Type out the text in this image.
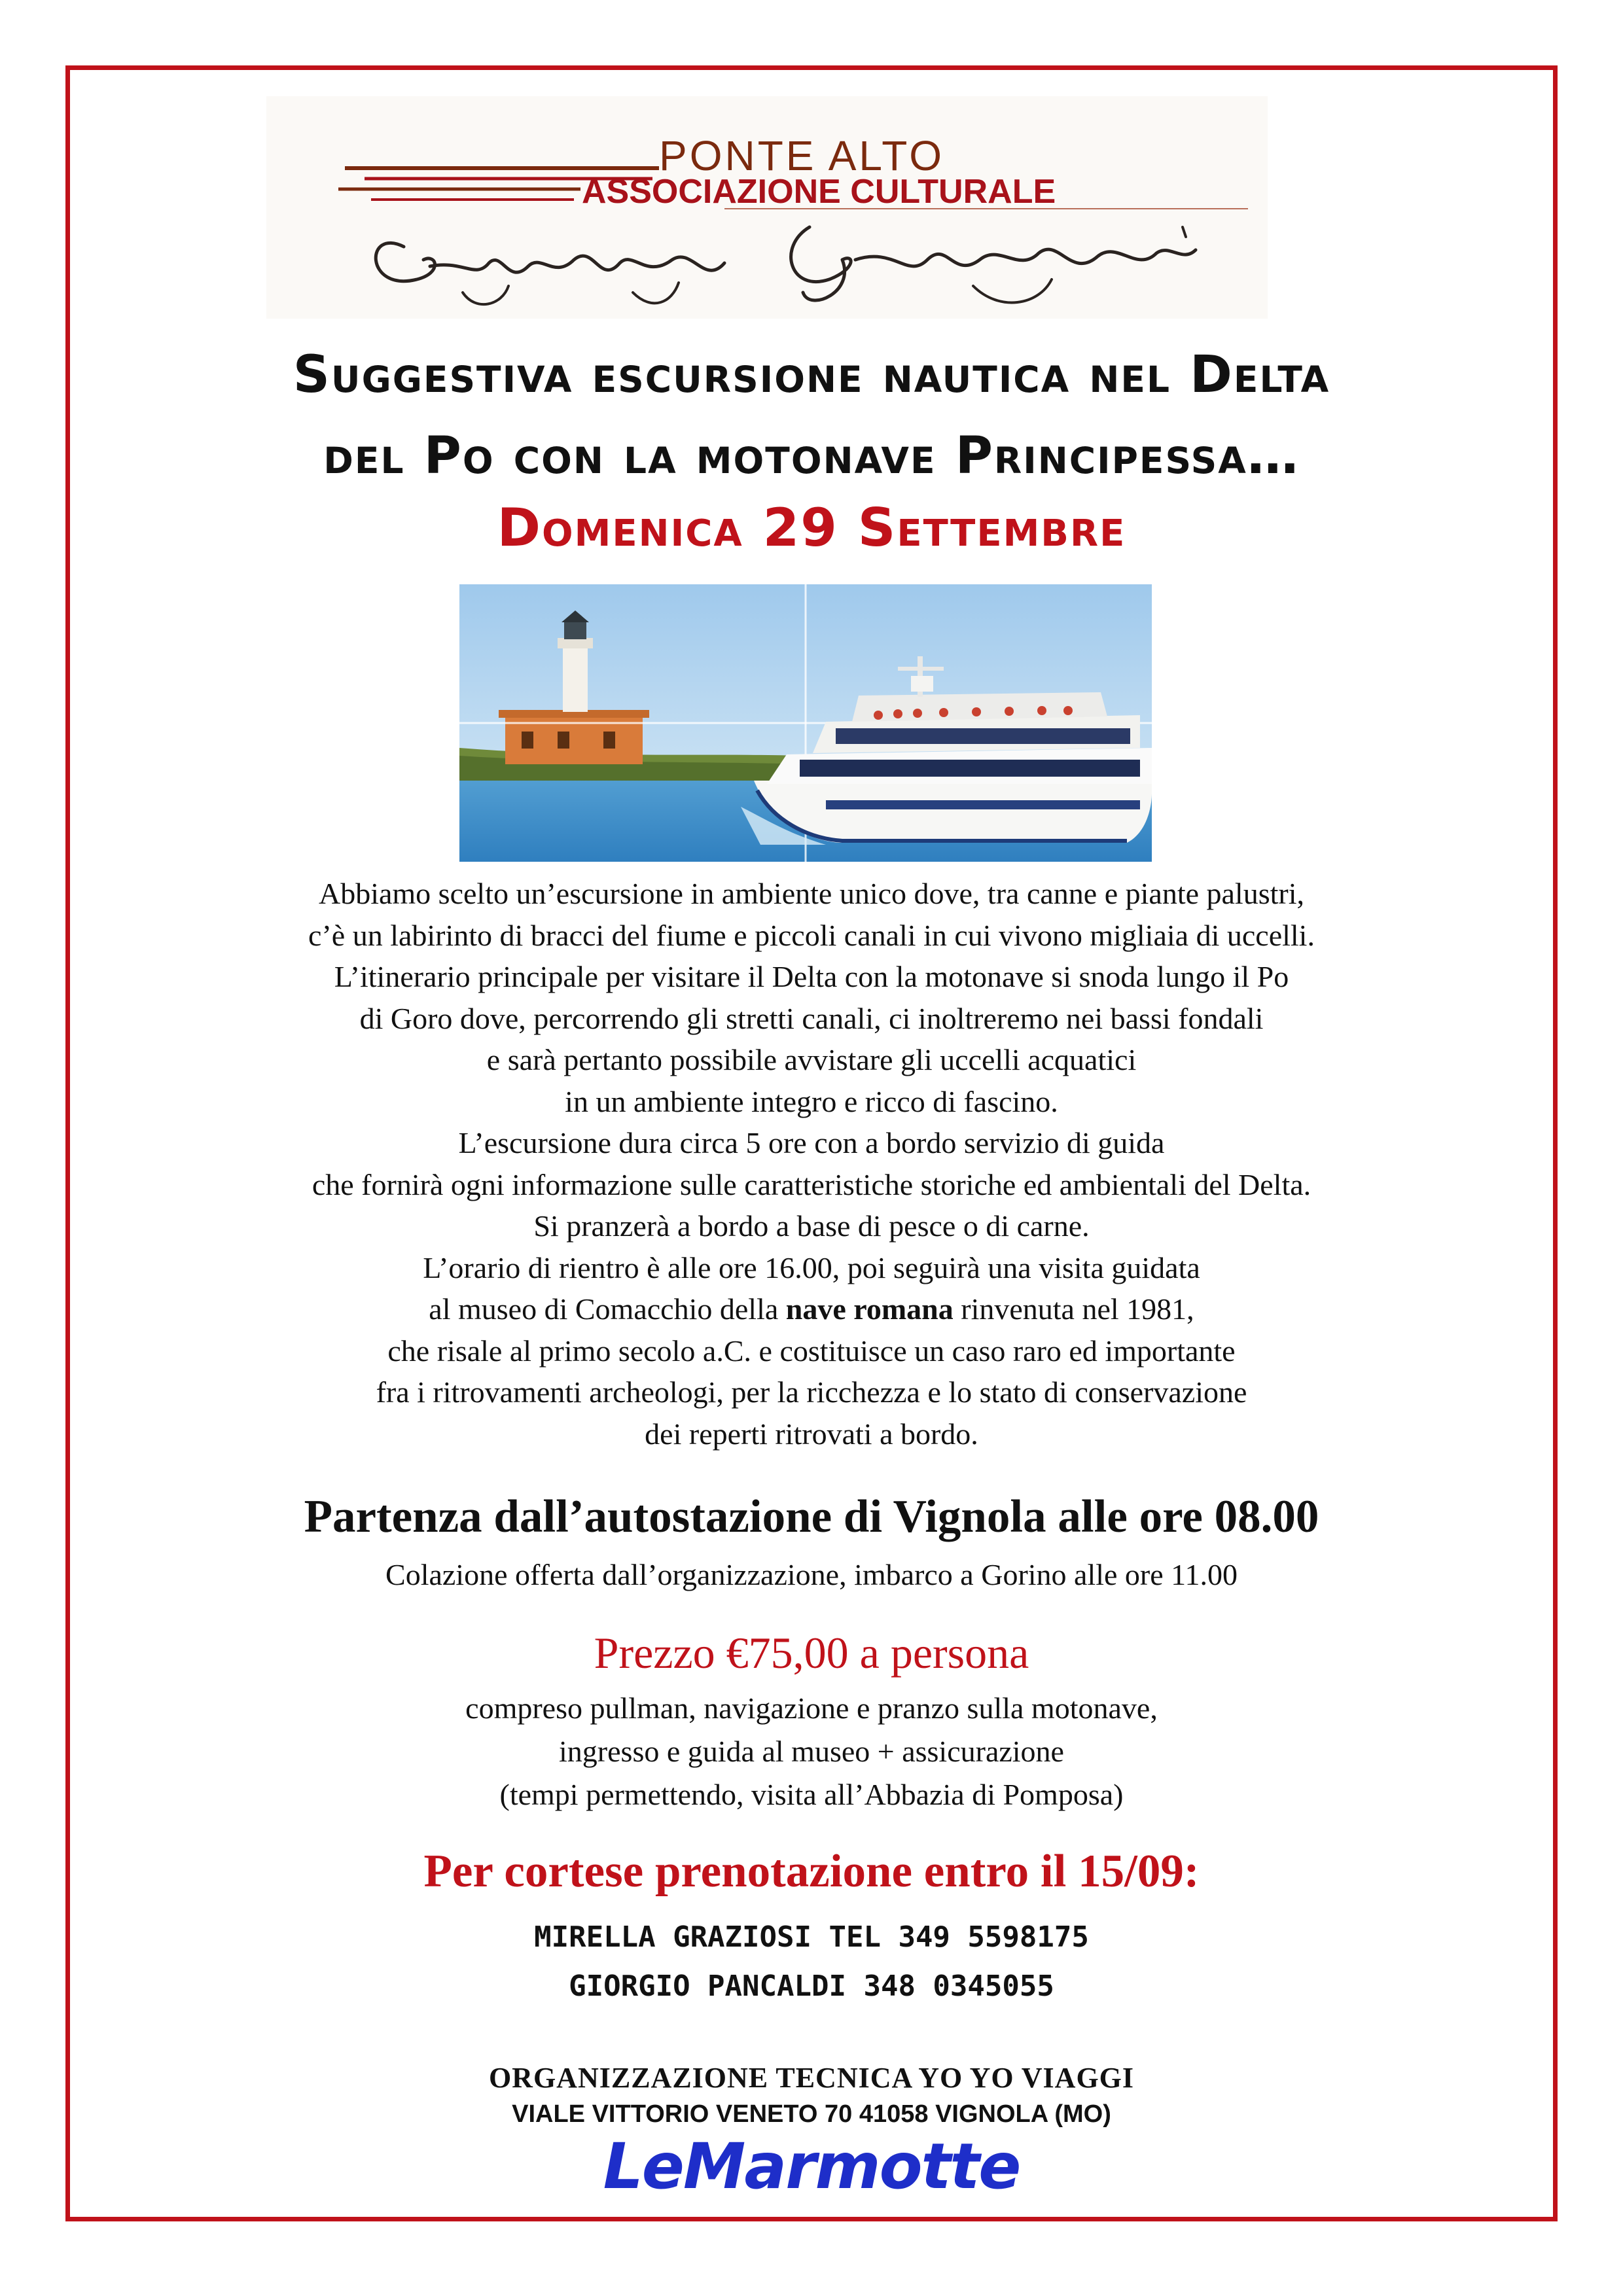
PONTE ALTO
ASSOCIAZIONE CULTURALE
Suggestiva escursione nautica nel Delta
del Po con la motonave Principessa…
Domenica 29 Settembre

Abbiamo scelto un’escursione in ambiente unico dove, tra canne e piante palustri,

c’è un labirinto di bracci del fiume e piccoli canali in cui vivono migliaia di uccelli.

L’itinerario principale per visitare il Delta con la motonave si snoda lungo il Po

di Goro dove, percorrendo gli stretti canali, ci inoltreremo nei bassi fondali

e sarà pertanto possibile avvistare gli uccelli acquatici

in un ambiente integro e ricco di fascino.

L’escursione dura circa 5 ore con a bordo servizio di guida

che fornirà ogni informazione sulle caratteristiche storiche ed ambientali del Delta.

Si pranzerà a bordo a base di pesce o di carne.

L’orario di rientro è alle ore 16.00, poi seguirà una visita guidata

al museo di Comacchio della nave romana rinvenuta nel 1981,

che risale al primo secolo a.C. e costituisce un caso raro ed importante

fra i ritrovamenti archeologi, per la ricchezza e lo stato di conservazione

dei reperti ritrovati a bordo.

Partenza dall’autostazione di Vignola alle ore 08.00
Colazione offerta dall’organizzazione, imbarco a Gorino alle ore 11.00
Prezzo €75,00 a persona

compreso pullman, navigazione e pranzo sulla motonave,

ingresso e guida al museo + assicurazione

(tempi permettendo, visita all’Abbazia di Pomposa)

Per cortese prenotazione entro il 15/09:
MIRELLA GRAZIOSI TEL 349 5598175
GIORGIO PANCALDI 348 0345055
ORGANIZZAZIONE TECNICA YO YO VIAGGI
VIALE VITTORIO VENETO 70 41058 VIGNOLA (MO)
LeMarmotte
